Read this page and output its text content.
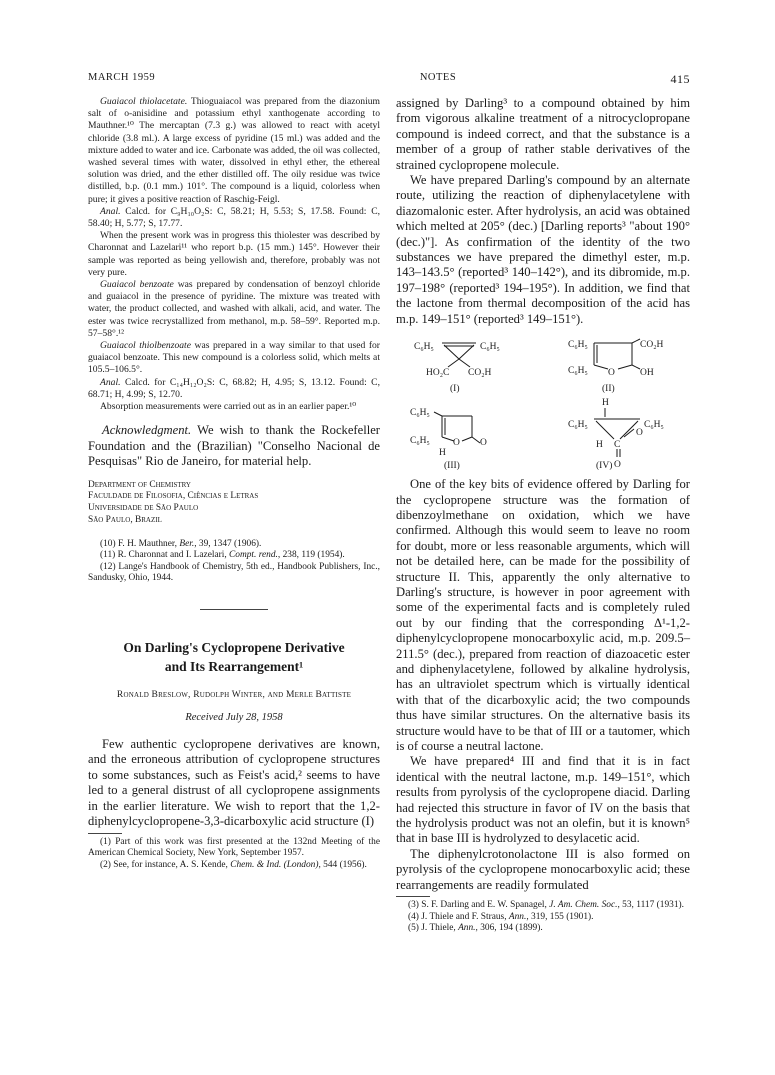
MARCH 1959	NOTES	415

Guaiacol thiolacetate. Thioguaiacol was prepared from the diazonium salt of o-anisidine and potassium ethyl xanthogenate according to Mauthner.¹⁰ The mercaptan (7.3 g.) was allowed to react with acetyl chloride (3.8 ml.). A large excess of pyridine (15 ml.) was added and the mixture added to water and ice. Carbonate was added, the oil was collected, washed several times with water, dissolved in ethyl ether, the ethereal solution was dried, and the ether distilled off. The oily residue was twice distilled, b.p. (0.1 mm.) 101°. The compound is a liquid, colorless when pure; it gives a positive reaction of Raschig-Feigl.

Anal. Calcd. for C₉H₁₀O₂S: C, 58.21; H, 5.53; S, 17.58. Found: C, 58.40; H, 5.77; S, 17.77.

When the present work was in progress this thiolester was described by Charonnat and Lazelari¹¹ who report b.p. (15 mm.) 145°. However their sample was reported as being yellowish and, therefore, probably was not very pure.

Guaiacol benzoate was prepared by condensation of benzoyl chloride and guaiacol in the presence of pyridine. The mixture was treated with water, the product collected, and washed with alkali, acid, and water. The ester was twice recrystallized from methanol, m.p. 58–59°. Reported m.p. 57–58°.¹²

Guaiacol thiolbenzoate was prepared in a way similar to that used for guaiacol benzoate. This new compound is a colorless solid, which melts at 105.5–106.5°.

Anal. Calcd. for C₁₄H₁₂O₂S: C, 68.82; H, 4.95; S, 13.12. Found: C, 68.71; H, 4.99; S, 12.70.

Absorption measurements were carried out as in an earlier paper.¹⁰

Acknowledgment. We wish to thank the Rockefeller Foundation and the (Brazilian) "Conselho Nacional de Pesquisas" Rio de Janeiro, for material help.

Department of Chemistry

Faculdade de Filosofia, Ciências e Letras

Universidade de São Paulo

São Paulo, Brazil

(10) F. H. Mauthner, Ber., 39, 1347 (1906).

(11) R. Charonnat and I. Lazelari, Compt. rend., 238, 119 (1954).

(12) Lange's Handbook of Chemistry, 5th ed., Handbook Publishers, Inc., Sandusky, Ohio, 1944.

On Darling's Cyclopropene Derivative
and Its Rearrangement¹
Ronald Breslow, Rudolph Winter, and Merle Battiste
Received July 28, 1958

Few authentic cyclopropene derivatives are known, and the erroneous attribution of cyclopropene structures to some substances, such as Feist's acid,² seems to have led to a general distrust of all cyclopropene assignments in the earlier literature. We wish to report that the 1,2-diphenylcyclopropene-3,3-dicarboxylic acid structure (I)

(1) Part of this work was first presented at the 132nd Meeting of the American Chemical Society, New York, September 1957.

(2) See, for instance, A. S. Kende, Chem. & Ind. (London), 544 (1956).

assigned by Darling³ to a compound obtained by him from vigorous alkaline treatment of a nitrocyclopropane compound is indeed correct, and that the substance is a member of a group of rather stable derivatives of the strained cyclopropene molecule.

We have prepared Darling's compound by an alternate route, utilizing the reaction of diphenylacetylene with diazomalonic ester. After hydrolysis, an acid was obtained which melted at 205° (dec.) [Darling reports³ "about 190° (dec.)"]. As confirmation of the identity of the two substances we have prepared the dimethyl ester, m.p. 143–143.5° (reported³ 140–142°), and its dibromide, m.p. 197–198° (reported³ 194–195°). In addition, we find that the lactone from thermal decomposition of the acid has m.p. 149–151° (reported³ 149–151°).

C₆H₅	C₆H₅
HO₂C CO₂H
(I)
C₆H₅	CO₂H
C₆H₅ O	OH
(II)
C₆H₅
C₆H₅ O O
H
(III)
H
C₆H₅	C₆H₅
O
H C
O
(IV)

One of the key bits of evidence offered by Darling for the cyclopropene structure was the formation of dibenzoylmethane on oxidation, which we have confirmed. Although this would seem to leave no room for doubt, more or less reasonable arguments, which will not be detailed here, can be made for the possibility of structure II. This, apparently the only alternative to Darling's structure, is however in poor agreement with some of the experimental facts and is completely ruled out by our finding that the corresponding Δ¹-1,2-diphenylcyclopropene monocarboxylic acid, m.p. 209.5–211.5° (dec.), prepared from reaction of diazoacetic ester and diphenylacetylene, followed by alkaline hydrolysis, has an ultraviolet spectrum which is virtually identical with that of the dicarboxylic acid; the two compounds thus have similar structures. On the alternative basis its structure would have to be that of III or a tautomer, which is of course a neutral lactone.

We have prepared⁴ III and find that it is in fact identical with the neutral lactone, m.p. 149–151°, which results from pyrolysis of the cyclopropene diacid. Darling had rejected this structure in favor of IV on the basis that the hydrolysis product was not an olefin, but it is known⁵ that in base III is hydrolyzed to desylacetic acid.

The diphenylcrotonolactone III is also formed on pyrolysis of the cyclopropene monocarboxylic acid; these rearrangements are readily formulated

(3) S. F. Darling and E. W. Spanagel, J. Am. Chem. Soc., 53, 1117 (1931).

(4) J. Thiele and F. Straus, Ann., 319, 155 (1901).

(5) J. Thiele, Ann., 306, 194 (1899).
